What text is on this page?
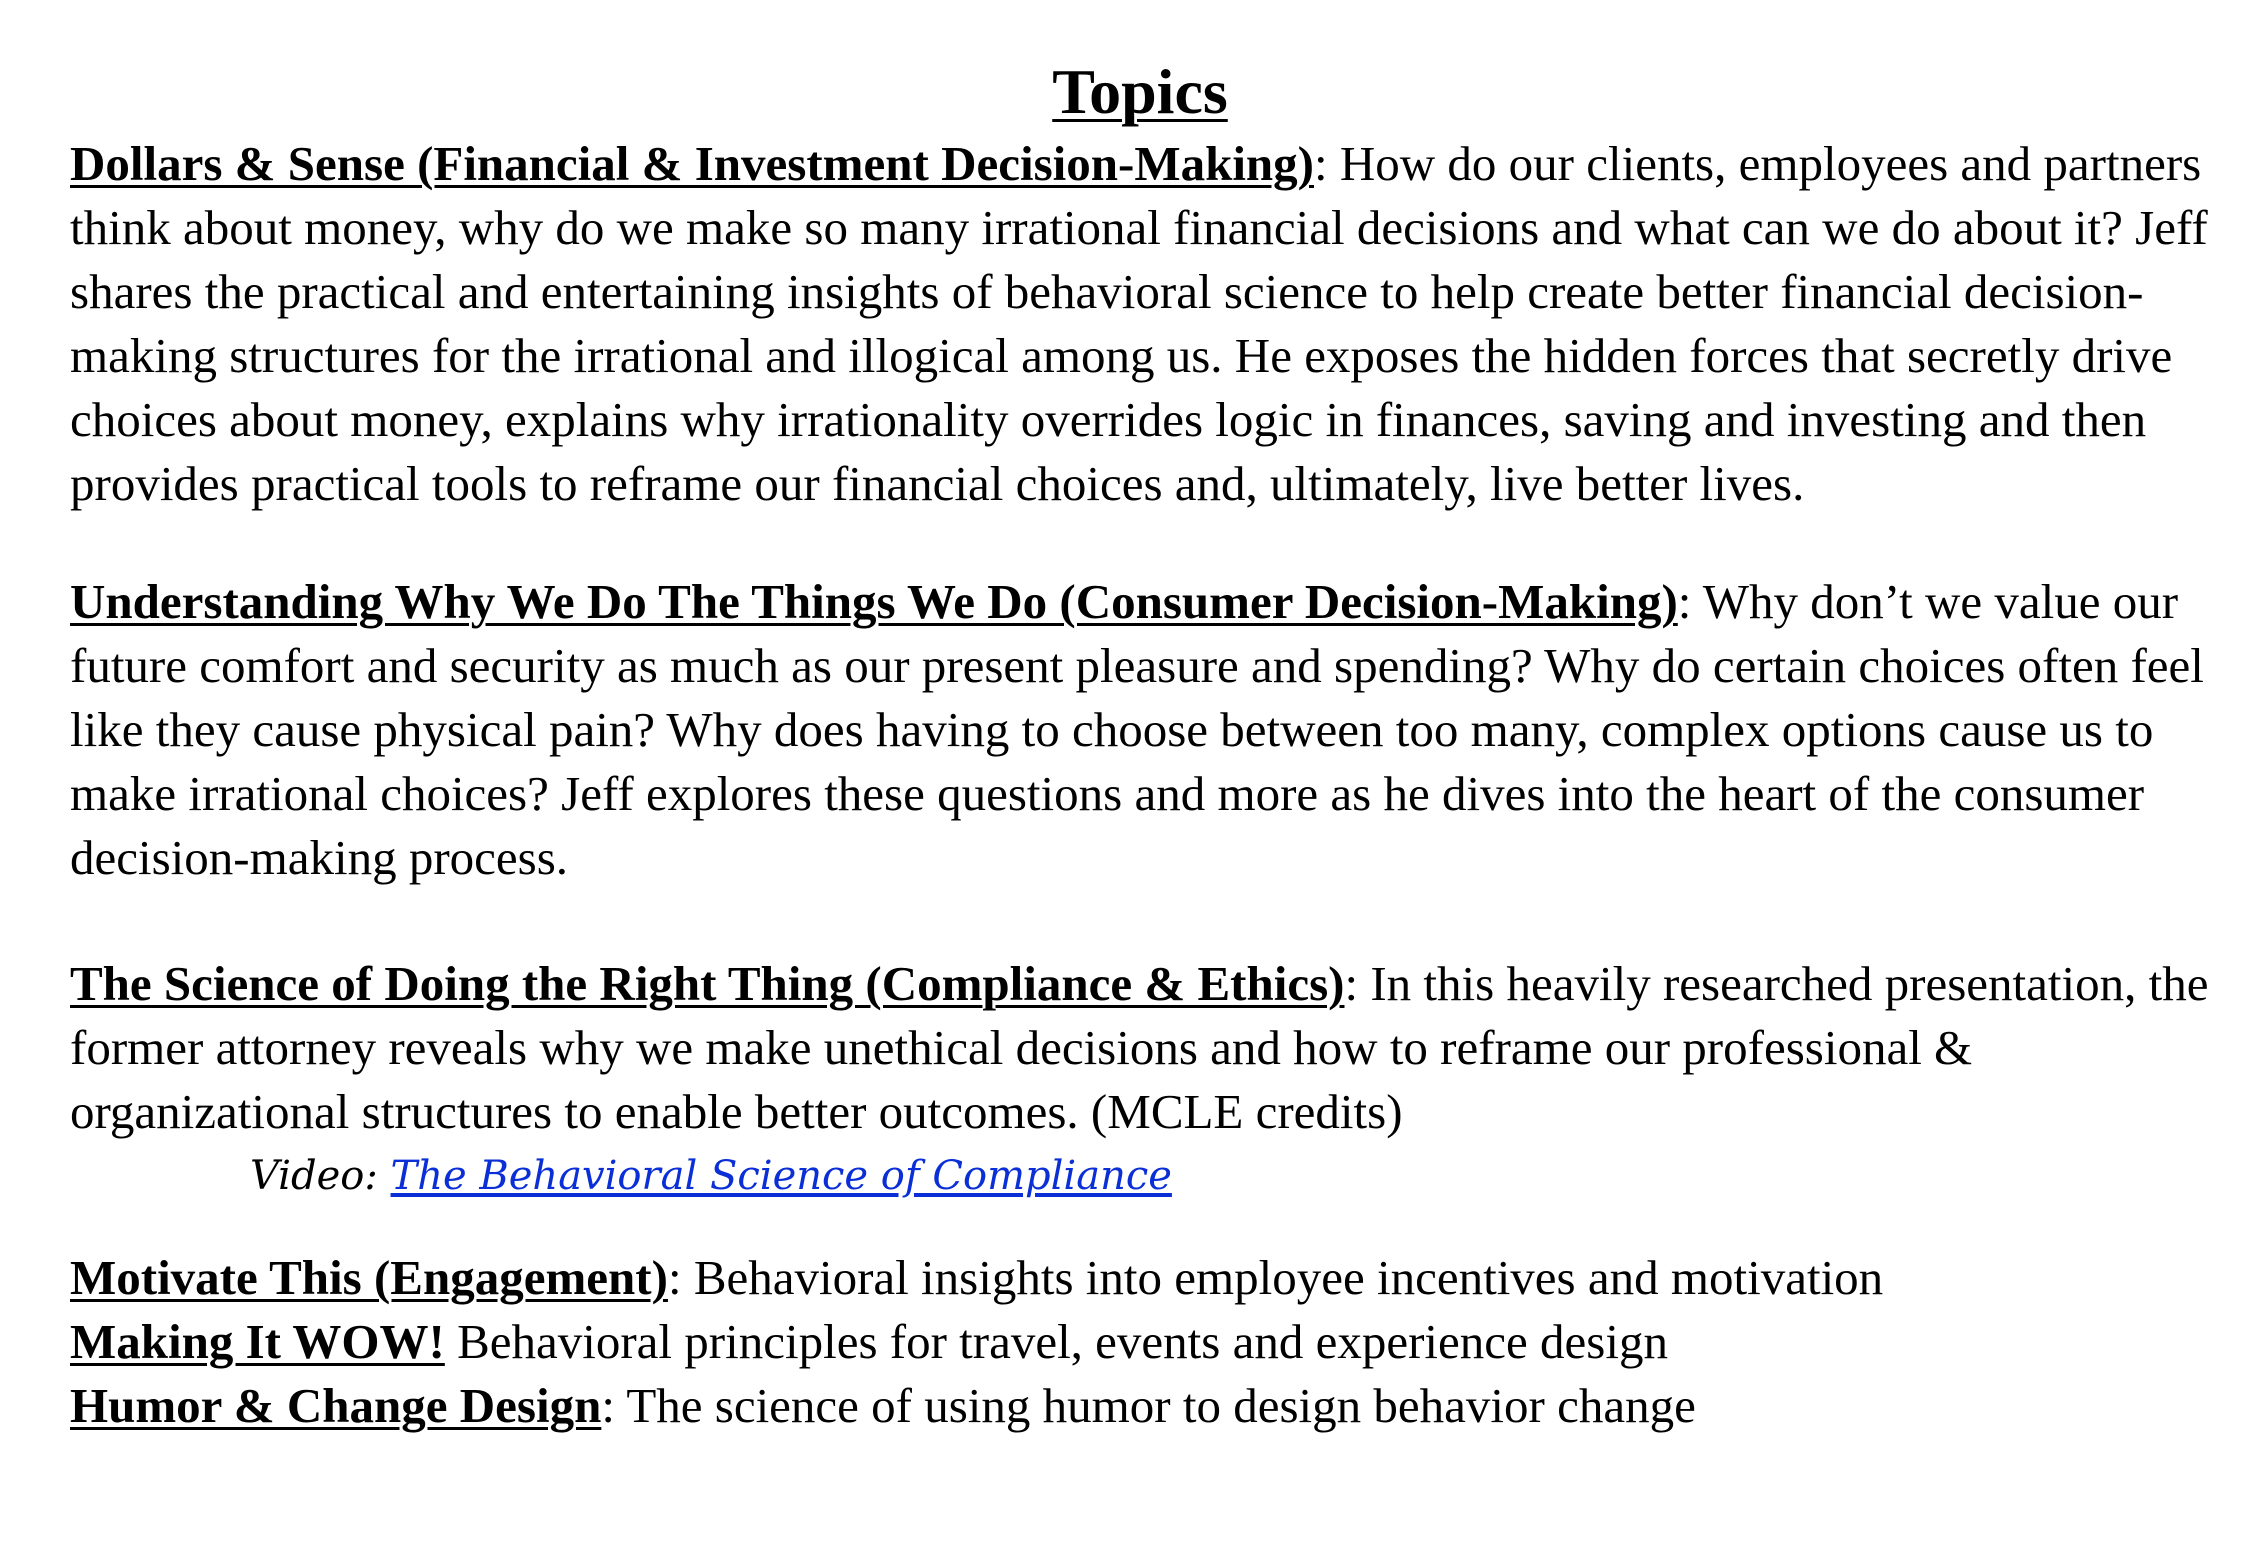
Topics

Dollars & Sense (Financial & Investment Decision-Making): How do our clients, employees and partners think about money, why do we make so many irrational financial decisions and what can we do about it? Jeff shares the practical and entertaining insights of behavioral science to help create better financial decision-making structures for the irrational and illogical among us. He exposes the hidden forces that secretly drive choices about money, explains why irrationality overrides logic in finances, saving and investing and then provides practical tools to reframe our financial choices and, ultimately, live better lives.

Understanding Why We Do The Things We Do (Consumer Decision-Making): Why don’t we value our future comfort and security as much as our present pleasure and spending? Why do certain choices often feel like they cause physical pain? Why does having to choose between too many, complex options cause us to make irrational choices? Jeff explores these questions and more as he dives into the heart of the consumer decision-making process.

The Science of Doing the Right Thing (Compliance & Ethics): In this heavily researched presentation, the former attorney reveals why we make unethical decisions and how to reframe our professional & organizational structures to enable better outcomes. (MCLE credits)

Video: The Behavioral Science of Compliance

Motivate This (Engagement): Behavioral insights into employee incentives and motivation

Making It WOW! Behavioral principles for travel, events and experience design

Humor & Change Design: The science of using humor to design behavior change
